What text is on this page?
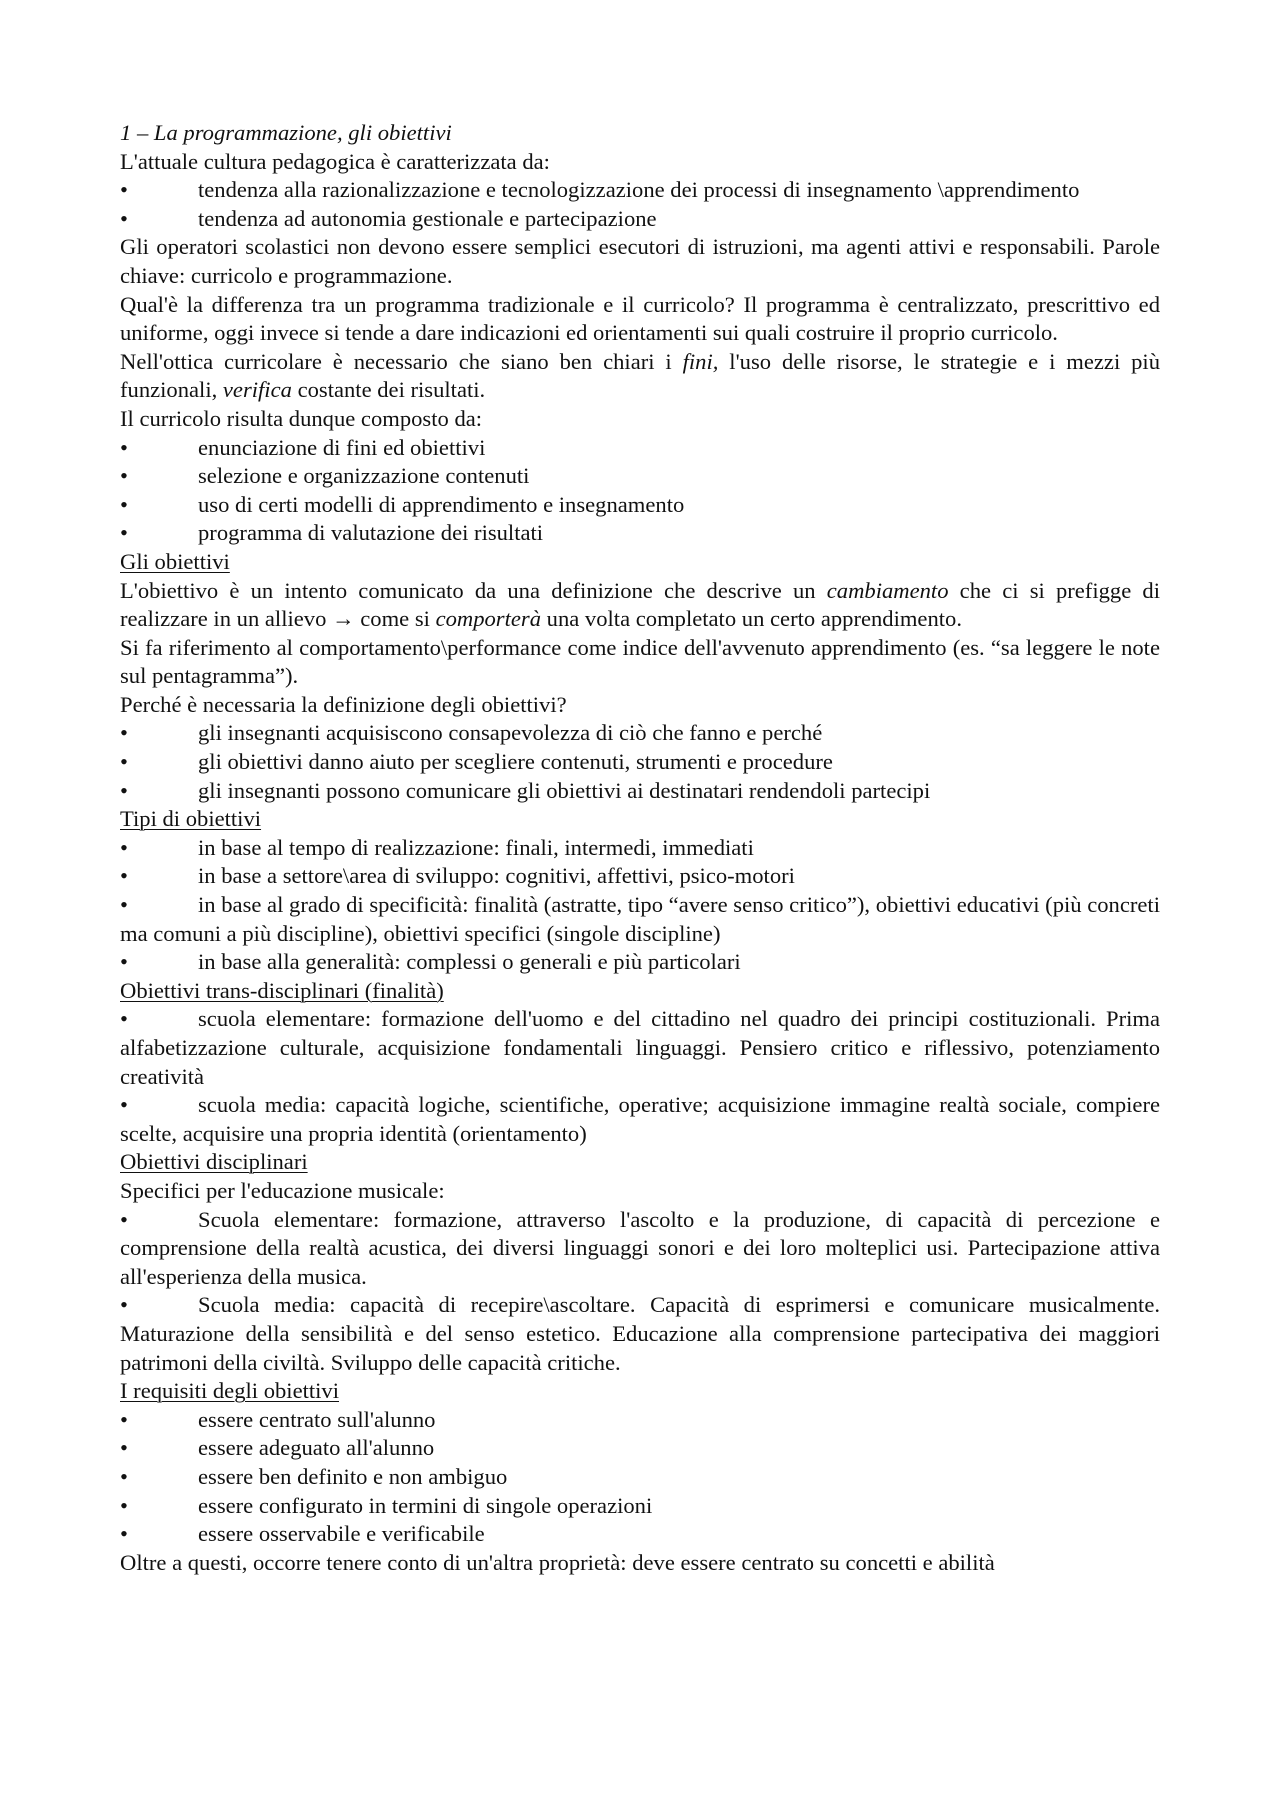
1 – La programmazione, gli obiettivi

L'attuale cultura pedagogica è caratterizzata da:

•	tendenza alla razionalizzazione e tecnologizzazione dei processi di insegnamento \apprendimento

•	tendenza ad autonomia gestionale e partecipazione

Gli operatori scolastici non devono essere semplici esecutori di istruzioni, ma agenti attivi e responsabili. Parole chiave: curricolo e programmazione.

Qual'è la differenza tra un programma tradizionale e il curricolo? Il programma è centralizzato, prescrittivo ed uniforme, oggi invece si tende a dare indicazioni ed orientamenti sui quali costruire il proprio curricolo.

Nell'ottica curricolare è necessario che siano ben chiari i fini, l'uso delle risorse, le strategie e i mezzi più funzionali, verifica costante dei risultati.

Il curricolo risulta dunque composto da:

•	enunciazione di fini ed obiettivi

•	selezione e organizzazione contenuti

•	uso di certi modelli di apprendimento e insegnamento

•	programma di valutazione dei risultati

Gli obiettivi

L'obiettivo è un intento comunicato da una definizione che descrive un cambiamento che ci si prefigge di realizzare in un allievo → come si comporterà una volta completato un certo apprendimento.

Si fa riferimento al comportamento\performance come indice dell'avvenuto apprendimento (es. “sa leggere le note sul pentagramma”).

Perché è necessaria la definizione degli obiettivi?

•	gli insegnanti acquisiscono consapevolezza di ciò che fanno e perché

•	gli obiettivi danno aiuto per scegliere contenuti, strumenti e procedure

•	gli insegnanti possono comunicare gli obiettivi ai destinatari rendendoli partecipi

Tipi di obiettivi

•	in base al tempo di realizzazione: finali, intermedi, immediati

•	in base a settore\area di sviluppo: cognitivi, affettivi, psico-motori

•	in base al grado di specificità: finalità (astratte, tipo “avere senso critico”), obiettivi educativi (più concreti ma comuni a più discipline), obiettivi specifici (singole discipline)

•	in base alla generalità: complessi o generali e più particolari

Obiettivi trans-disciplinari (finalità)

•	scuola elementare: formazione dell'uomo e del cittadino nel quadro dei principi costituzionali. Prima alfabetizzazione culturale, acquisizione fondamentali linguaggi. Pensiero critico e riflessivo, potenziamento creatività

•	scuola media: capacità logiche, scientifiche, operative; acquisizione immagine realtà sociale, compiere scelte, acquisire una propria identità (orientamento)

Obiettivi disciplinari

Specifici per l'educazione musicale:

•	Scuola elementare: formazione, attraverso l'ascolto e la produzione, di capacità di percezione e comprensione della realtà acustica, dei diversi linguaggi sonori e dei loro molteplici usi. Partecipazione attiva all'esperienza della musica.

•	Scuola media: capacità di recepire\ascoltare. Capacità di esprimersi e comunicare musicalmente. Maturazione della sensibilità e del senso estetico. Educazione alla comprensione partecipativa dei maggiori patrimoni della civiltà. Sviluppo delle capacità critiche.

I requisiti degli obiettivi

•	essere centrato sull'alunno

•	essere adeguato all'alunno

•	essere ben definito e non ambiguo

•	essere configurato in termini di singole operazioni

•	essere osservabile e verificabile

Oltre a questi, occorre tenere conto di un'altra proprietà: deve essere centrato su concetti e abilità
